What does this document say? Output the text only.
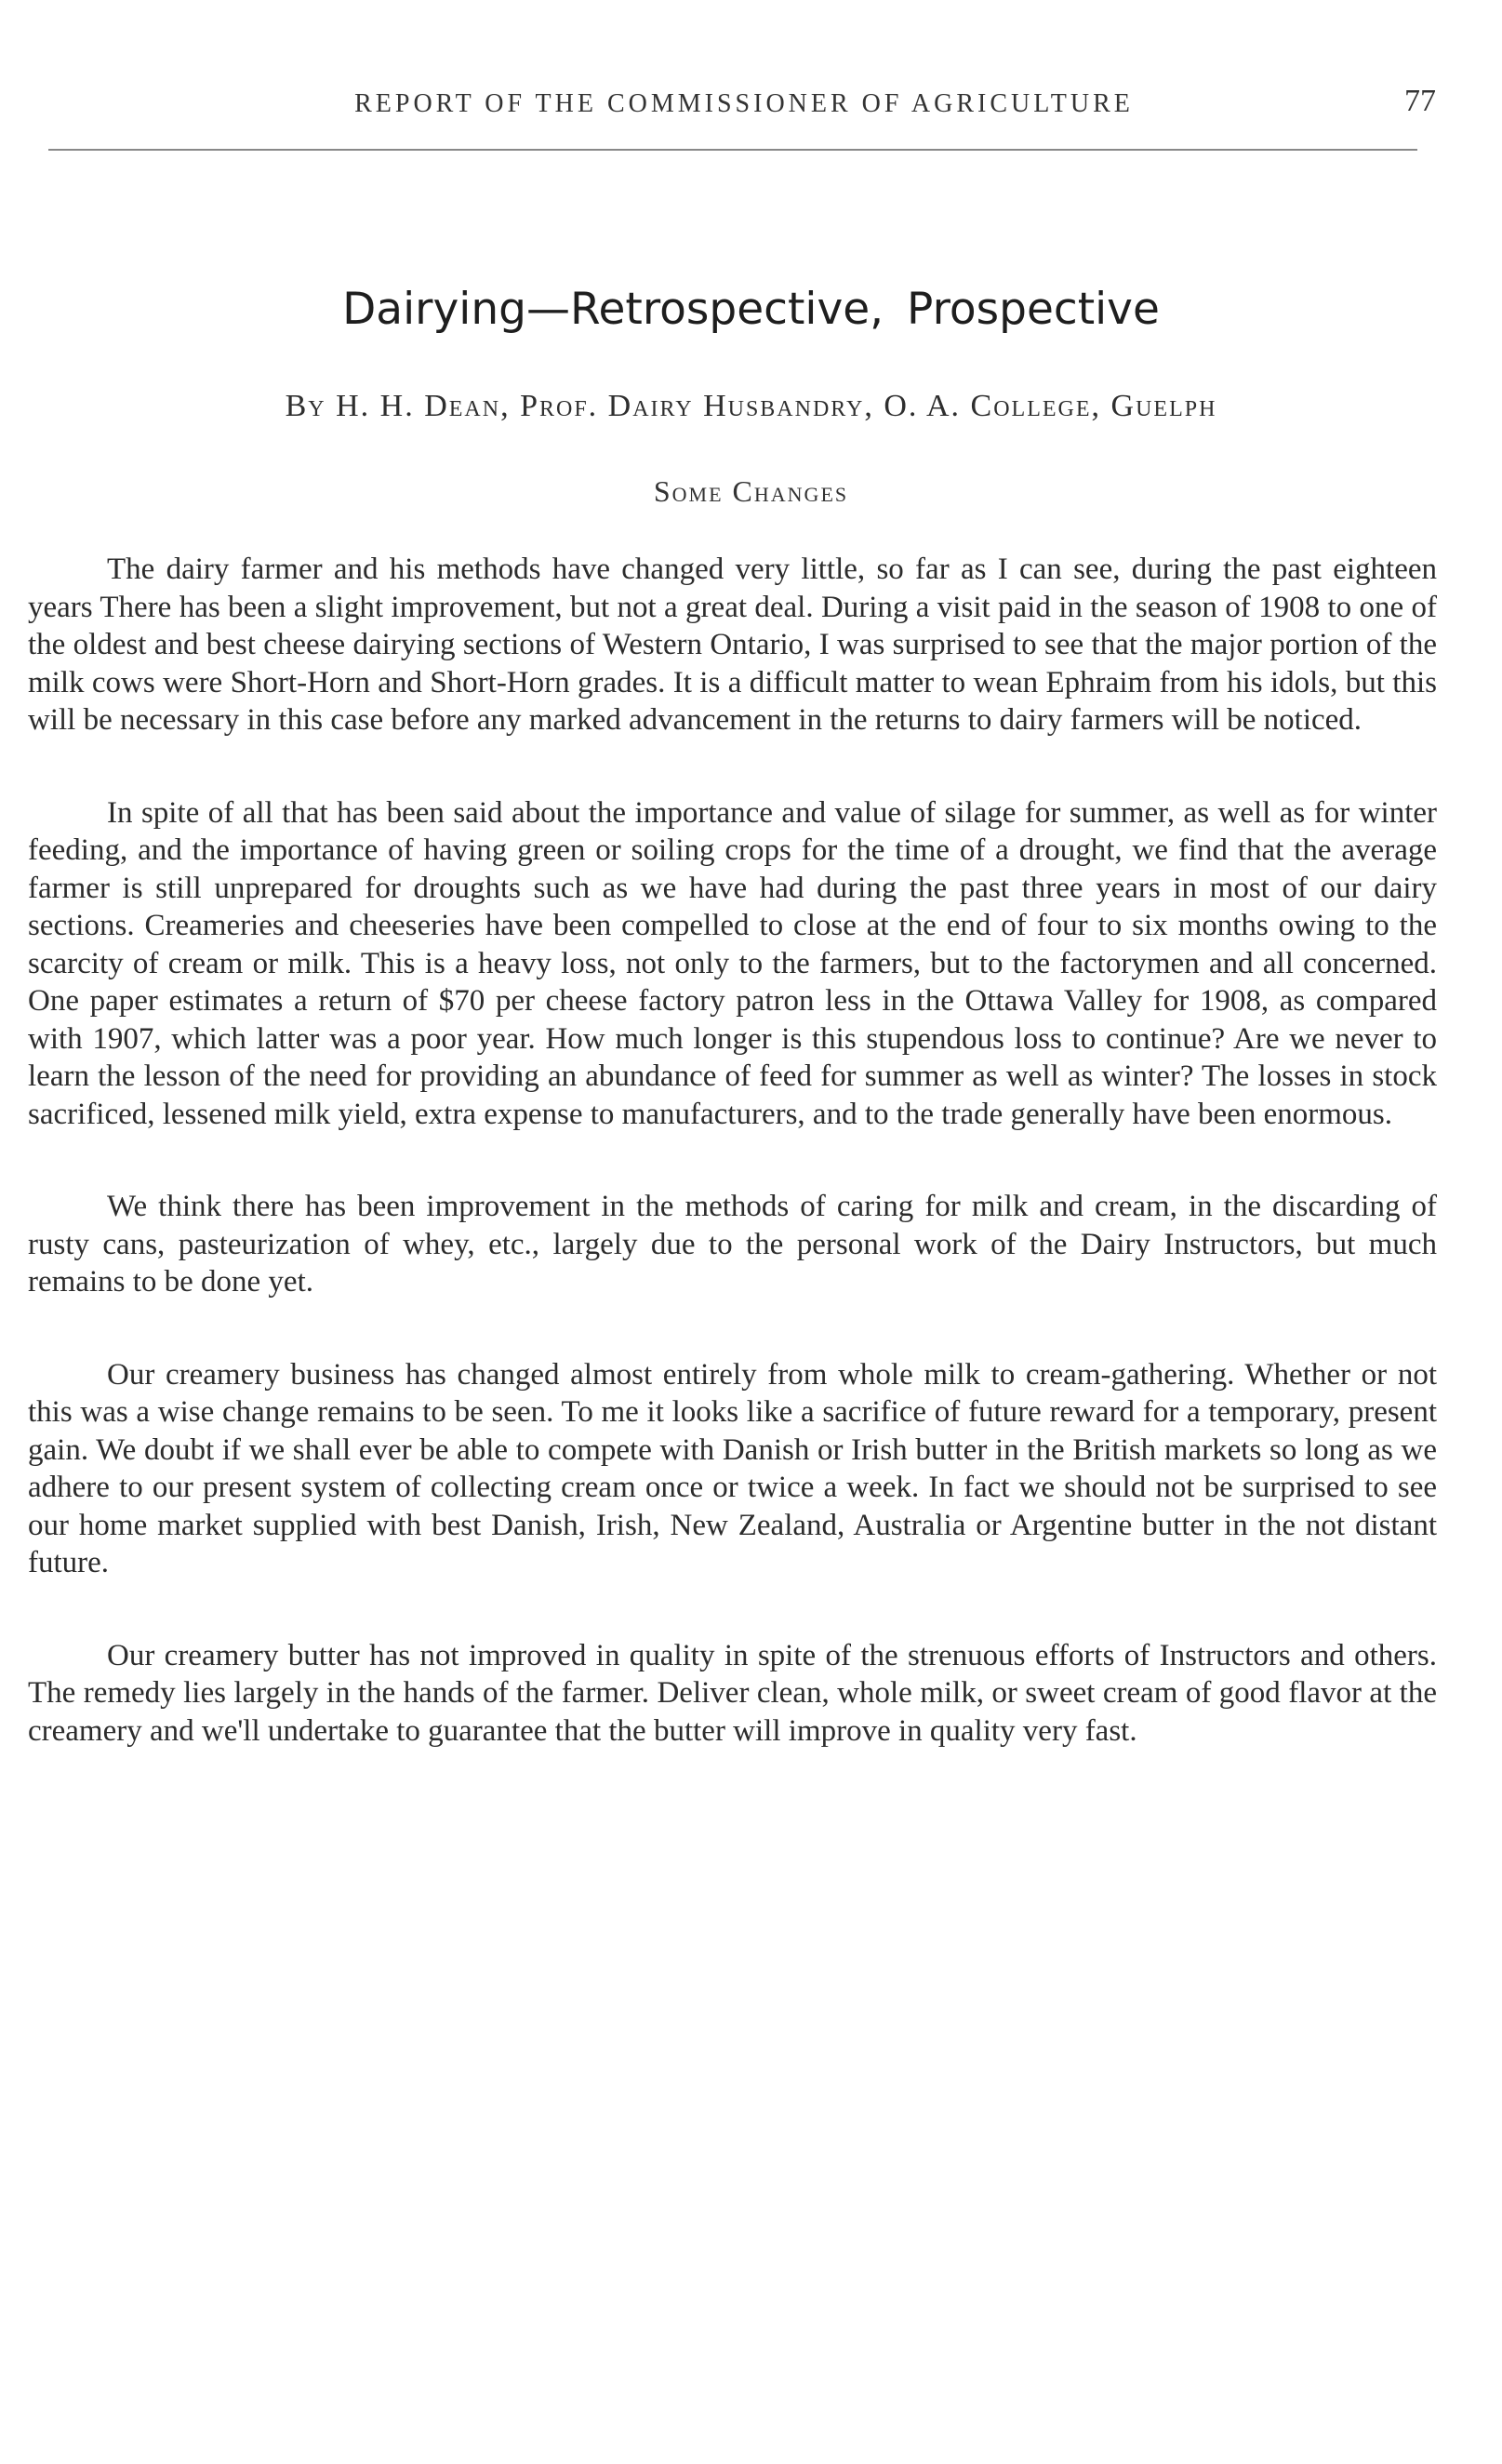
REPORT OF THE COMMISSIONER OF AGRICULTURE	77
Dairying—Retrospective, Prospective
By H. H. Dean, Prof. Dairy Husbandry, O. A. College, Guelph
Some Changes

The dairy farmer and his methods have changed very little, so far as I can see, during the past eighteen years There has been a slight improvement, but not a great deal. During a visit paid in the season of 1908 to one of the oldest and best cheese dairying sections of Western Ontario, I was surprised to see that the major portion of the milk cows were Short-Horn and Short-Horn grades. It is a difficult matter to wean Ephraim from his idols, but this will be necessary in this case before any marked advancement in the returns to dairy farmers will be noticed.

In spite of all that has been said about the importance and value of silage for summer, as well as for winter feeding, and the importance of having green or soiling crops for the time of a drought, we find that the average farmer is still unprepared for droughts such as we have had during the past three years in most of our dairy sections. Creameries and cheeseries have been compelled to close at the end of four to six months owing to the scarcity of cream or milk. This is a heavy loss, not only to the farmers, but to the factorymen and all concerned. One paper estimates a return of $70 per cheese factory patron less in the Ottawa Valley for 1908, as compared with 1907, which latter was a poor year. How much longer is this stupendous loss to continue? Are we never to learn the lesson of the need for providing an abundance of feed for summer as well as winter? The losses in stock sacrificed, lessened milk yield, extra expense to manufacturers, and to the trade generally have been enormous.

We think there has been improvement in the methods of caring for milk and cream, in the discarding of rusty cans, pasteurization of whey, etc., largely due to the personal work of the Dairy Instructors, but much remains to be done yet.

Our creamery business has changed almost entirely from whole milk to cream-gathering. Whether or not this was a wise change remains to be seen. To me it looks like a sacrifice of future reward for a temporary, present gain. We doubt if we shall ever be able to compete with Danish or Irish butter in the British markets so long as we adhere to our present system of collecting cream once or twice a week. In fact we should not be surprised to see our home market supplied with best Danish, Irish, New Zealand, Australia or Argentine butter in the not distant future.

Our creamery butter has not improved in quality in spite of the strenuous efforts of Instructors and others. The remedy lies largely in the hands of the farmer. Deliver clean, whole milk, or sweet cream of good flavor at the creamery and we'll undertake to guarantee that the butter will improve in quality very fast.
